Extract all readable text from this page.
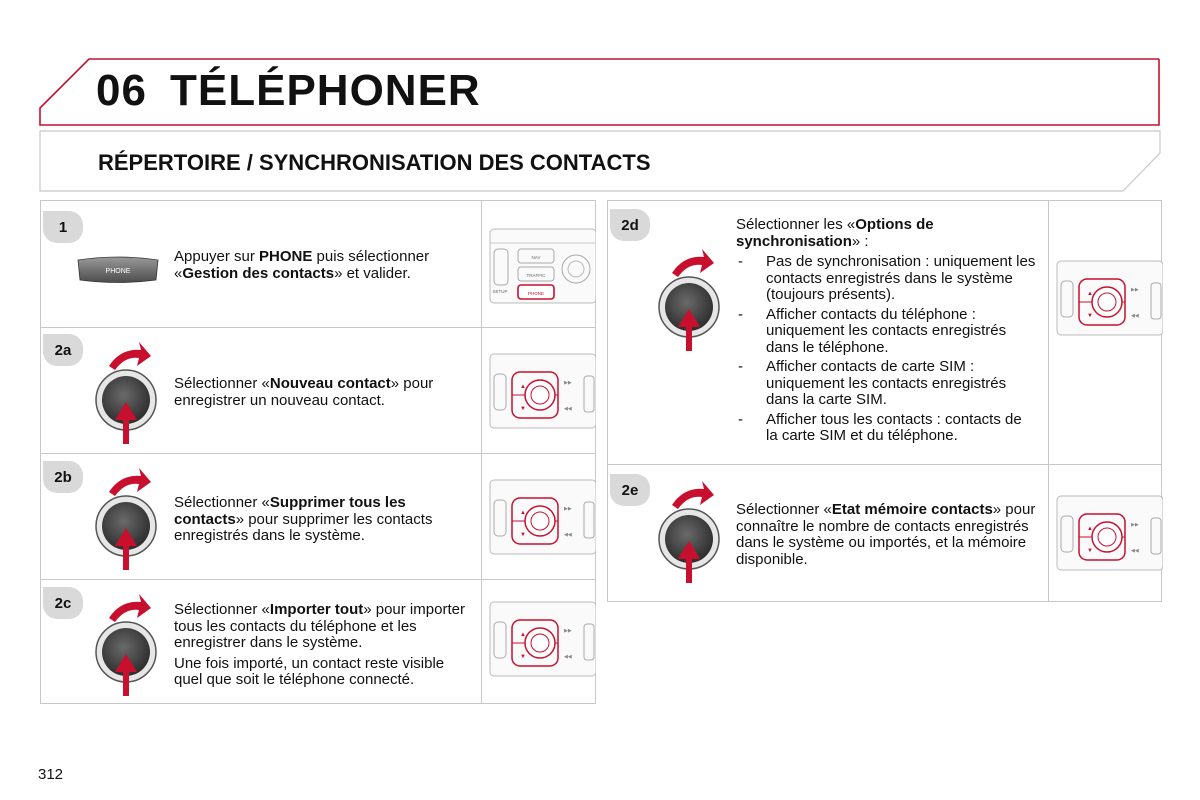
06 TÉLÉPHONER
RÉPERTOIRE / SYNCHRONISATION DES CONTACTS
1
PHONE
Appuyer sur PHONE puis sélectionner «Gestion des contacts» et valider.
NAV
TRAFFIC
SETUP	PHONE
2a
Sélectionner «Nouveau contact» pour enregistrer un nouveau contact.
▲
▼
▶▶
◀◀
2b
Sélectionner «Supprimer tous les contacts» pour supprimer les contacts enregistrés dans le système.
▲
▼
▶▶
◀◀
2c	Sélectionner «Importer tout» pour importer tous les contacts du téléphone et les enregistrer dans le système.

Une fois importé, un contact reste visible quel que soit le téléphone connecté.

▲
▼
▶▶
◀◀
2d	Sélectionner les «Options de synchronisation» :

- Pas de synchronisation : uniquement les contacts enregistrés dans le système (toujours présents).
- Afficher contacts du téléphone : uniquement les contacts enregistrés dans le téléphone.
- Afficher contacts de carte SIM : uniquement les contacts enregistrés dans la carte SIM.
- Afficher tous les contacts : contacts de la carte SIM et du téléphone.
▲
▼
▶▶
◀◀
2e
Sélectionner «Etat mémoire contacts» pour connaître le nombre de contacts enregistrés dans le système ou importés, et la mémoire disponible.
▲
▼
▶▶
◀◀
312
